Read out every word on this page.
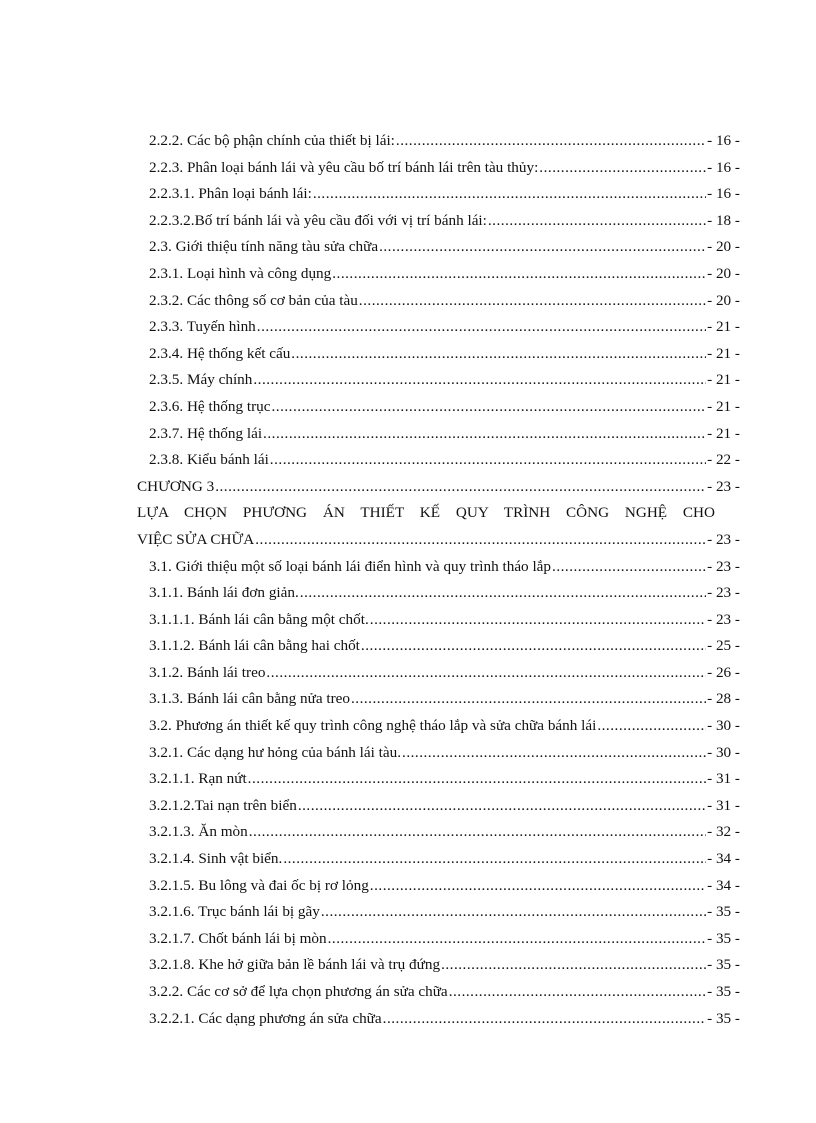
2.2.2. Các bộ phận chính của thiết bị lái: .....	- 16 -
2.2.3. Phân loại bánh lái và yêu cầu bố trí bánh lái trên tàu thủy: .....	- 16 -
2.2.3.1. Phân loại bánh lái: .....	- 16 -
2.2.3.2.Bố trí bánh lái và yêu cầu đối với vị trí bánh lái: .....	- 18 -
2.3. Giới thiệu tính năng tàu sửa chữa .....	- 20 -
2.3.1. Loại hình và công dụng .....	- 20 -
2.3.2. Các thông số cơ bản của tàu .....	- 20 -
2.3.3. Tuyến hình .....	- 21 -
2.3.4. Hệ thống kết cấu .....	- 21 -
2.3.5. Máy chính .....	- 21 -
2.3.6. Hệ thống trục .....	- 21 -
2.3.7. Hệ thống lái .....	- 21 -
2.3.8. Kiểu bánh lái .....	- 22 -
CHƯƠNG 3 .....	- 23 -
LỰA CHỌN PHƯƠNG ÁN THIẾT KẾ QUY TRÌNH CÔNG NGHỆ CHO
VIỆC SỬA CHỮA .....	- 23 -
3.1. Giới thiệu một số loại bánh lái điển hình và quy trình tháo lắp .....	- 23 -
3.1.1. Bánh lái đơn giản. .....	- 23 -
3.1.1.1. Bánh lái cân bằng một chốt. .....	- 23 -
3.1.1.2. Bánh lái cân bằng hai chốt .....	- 25 -
3.1.2. Bánh lái treo .....	- 26 -
3.1.3. Bánh lái cân bằng nửa treo .....	- 28 -
3.2. Phương án thiết kế quy trình công nghệ tháo lắp và sửa chữa bánh lái .....	- 30 -
3.2.1. Các dạng hư hỏng của bánh lái tàu. .....	- 30 -
3.2.1.1. Rạn nứt .....	- 31 -
3.2.1.2.Tai nạn trên biển .....	- 31 -
3.2.1.3. Ăn mòn .....	- 32 -
3.2.1.4. Sinh vật biển. .....	- 34 -
3.2.1.5. Bu lông và đai ốc bị rơ lỏng .....	- 34 -
3.2.1.6. Trục bánh lái bị gãy .....	- 35 -
3.2.1.7. Chốt bánh lái bị mòn .....	- 35 -
3.2.1.8. Khe hở giữa bản lề bánh lái và trụ đứng .....	- 35 -
3.2.2. Các cơ sở để lựa chọn phương án sửa chữa .....	- 35 -
3.2.2.1. Các dạng phương án sửa chữa .....	- 35 -
